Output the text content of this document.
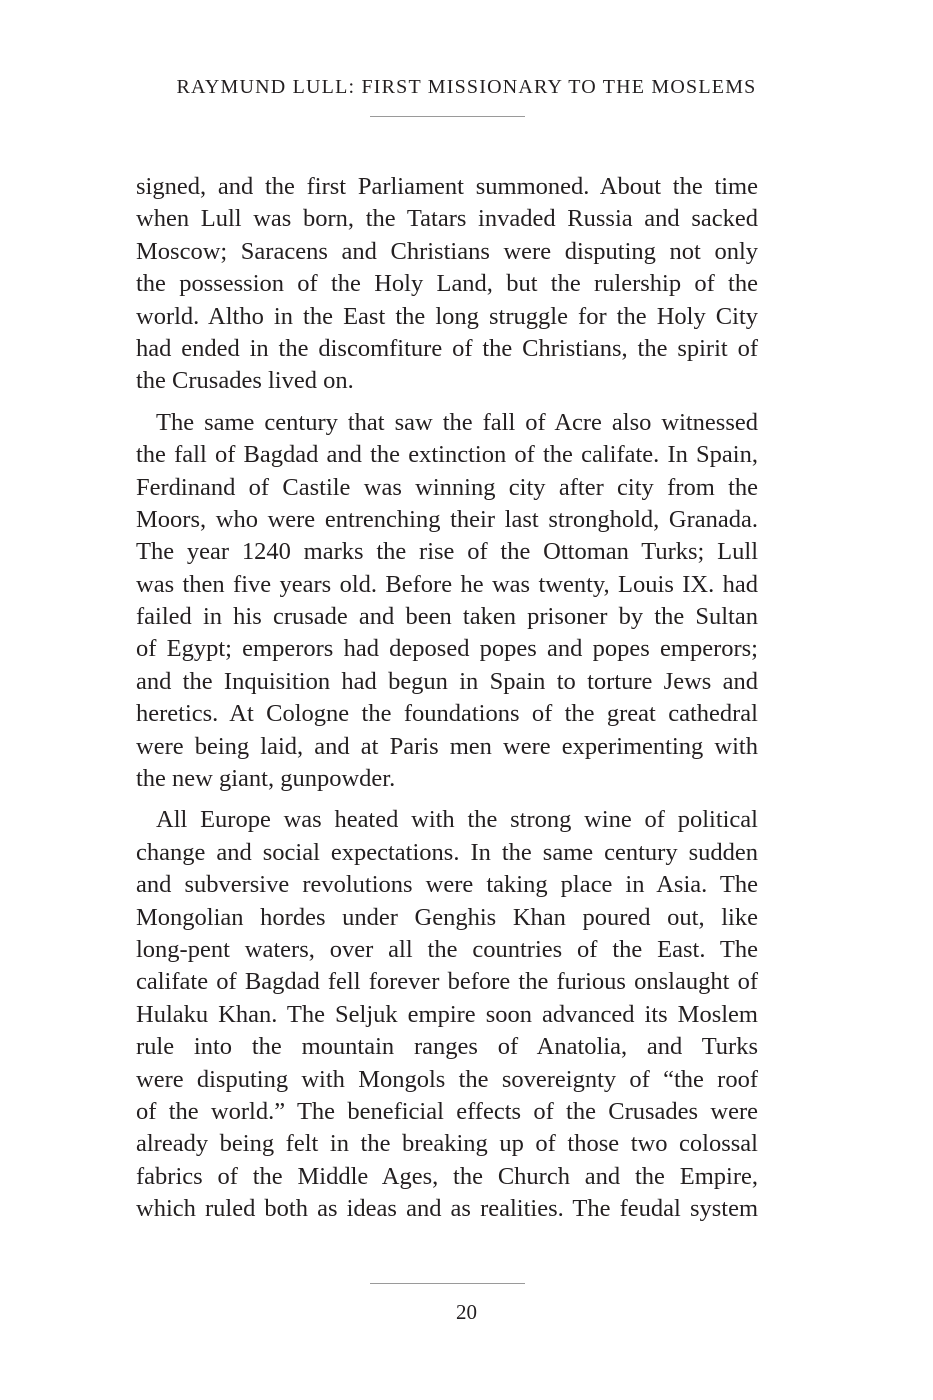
RAYMUND LULL: FIRST MISSIONARY TO THE MOSLEMS

signed, and the first Parliament summoned. About the time
when Lull was born, the Tatars invaded Russia and sacked
Moscow; Saracens and Christians were disputing not only
the possession of the Holy Land, but the rulership of the
world. Altho in the East the long struggle for the Holy City
had ended in the discomfiture of the Christians, the spirit of
the Crusades lived on.

The same century that saw the fall of Acre also witnessed
the fall of Bagdad and the extinction of the califate. In Spain,
Ferdinand of Castile was winning city after city from the
Moors, who were entrenching their last stronghold, Granada.
The year 1240 marks the rise of the Ottoman Turks; Lull
was then five years old. Before he was twenty, Louis IX. had
failed in his crusade and been taken prisoner by the Sultan
of Egypt; emperors had deposed popes and popes emperors;
and the Inquisition had begun in Spain to torture Jews and
heretics. At Cologne the foundations of the great cathedral
were being laid, and at Paris men were experimenting with
the new giant, gunpowder.

All Europe was heated with the strong wine of political
change and social expectations. In the same century sudden
and subversive revolutions were taking place in Asia. The
Mongolian hordes under Genghis Khan poured out, like
long-pent waters, over all the countries of the East. The
califate of Bagdad fell forever before the furious onslaught of
Hulaku Khan. The Seljuk empire soon advanced its Moslem
rule into the mountain ranges of Anatolia, and Turks
were disputing with Mongols the sovereignty of “the roof
of the world.” The beneficial effects of the Crusades were
already being felt in the breaking up of those two colossal
fabrics of the Middle Ages, the Church and the Empire,
which ruled both as ideas and as realities. The feudal system

20
